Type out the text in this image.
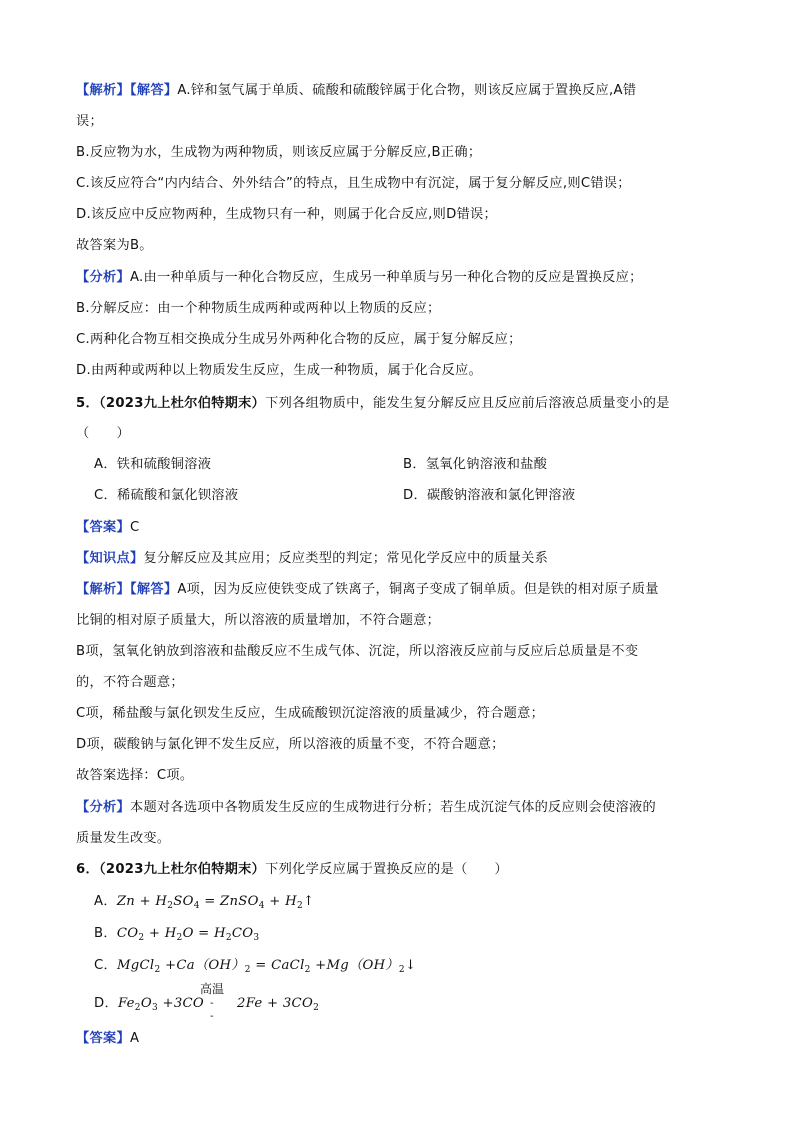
【解析】【解答】A.锌和氢气属于单质、硫酸和硫酸锌属于化合物，则该反应属于置换反应,A错
误；
B.反应物为水，生成物为两种物质，则该反应属于分解反应,B正确；
C.该反应符合“内内结合、外外结合”的特点，且生成物中有沉淀，属于复分解反应,则C错误；
D.该反应中反应物两种，生成物只有一种，则属于化合反应,则D错误；
故答案为B。
【分析】A.由一种单质与一种化合物反应，生成另一种单质与另一种化合物的反应是置换反应；
B.分解反应：由一个种物质生成两种或两种以上物质的反应；
C.两种化合物互相交换成分生成另外两种化合物的反应，属于复分解反应；
D.由两种或两种以上物质发生反应，生成一种物质，属于化合反应。
5．（2023九上杜尔伯特期末）下列各组物质中，能发生复分解反应且反应前后溶液总质量变小的是
（　　）
A．铁和硫酸铜溶液	B．氢氧化钠溶液和盐酸
C．稀硫酸和氯化钡溶液	D．碳酸钠溶液和氯化钾溶液
【答案】C
【知识点】复分解反应及其应用；反应类型的判定；常见化学反应中的质量关系
【解析】【解答】A项，因为反应使铁变成了铁离子，铜离子变成了铜单质。但是铁的相对原子质量
比铜的相对原子质量大，所以溶液的质量增加，不符合题意；
B项，氢氧化钠放到溶液和盐酸反应不生成气体、沉淀，所以溶液反应前与反应后总质量是不变
的，不符合题意；
C项，稀盐酸与氯化钡发生反应，生成硫酸钡沉淀溶液的质量减少，符合题意；
D项，碳酸钠与氯化钾不发生反应，所以溶液的质量不变，不符合题意；
故答案选择：C项。
【分析】本题对各选项中各物质发生反应的生成物进行分析；若生成沉淀气体的反应则会使溶液的
质量发生改变。
6．（2023九上杜尔伯特期末）下列化学反应属于置换反应的是（　　）
A．$Zn + H_2SO_4$ = ZnSO$_4$ + $H_2↑$
B．$CO_2 + H_2O = H_2CO_3$
C．MgCl$_2$ $+Ca(OH)_2$ = CaCl$_2$ $+Mg(OH)_2↓$
D．$Fe_2O_3 +3CO$  $2Fe + 3CO_2$
高温
-
-
【答案】A
